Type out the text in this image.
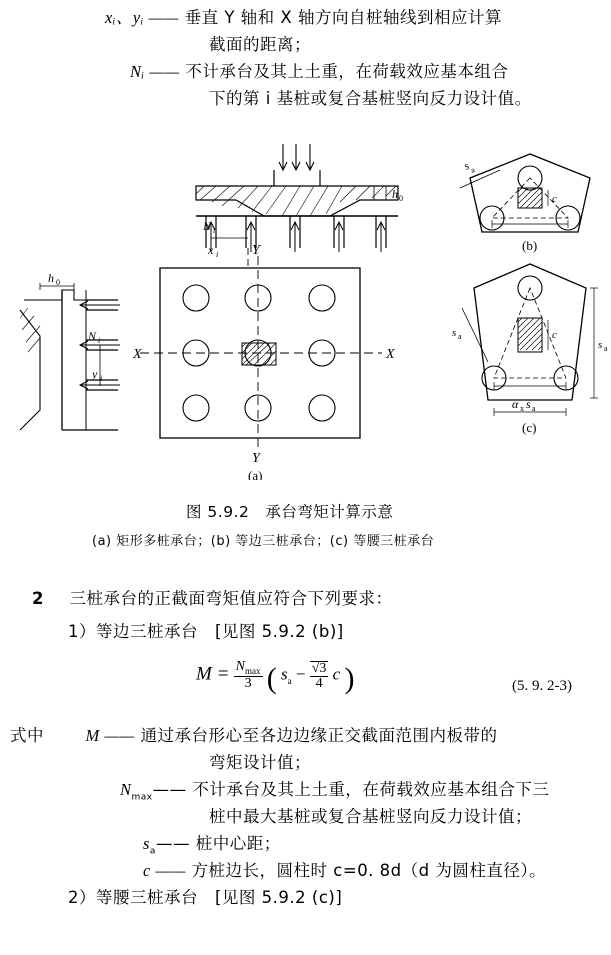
xᵢ、yᵢ —— 垂直 Y 轴和 X 轴方向自桩轴线到相应计算
截面的距离；
Nᵢ —— 不计承台及其上土重，在荷载效应基本组合
下的第 i 基桩或复合基桩竖向反力设计值。
h 0
h 0
N i
x i
N i
y i
X	X
Y
Y
(a)
(b)
(c)
s
a
c
s a	c
α x s a
s a
图 5.9.2　承台弯矩计算示意
(a) 矩形多桩承台；(b) 等边三桩承台；(c) 等腰三桩承台
2 三桩承台的正截面弯矩值应符合下列要求：
1）等边三桩承台　[见图 5.9.2 (b)]
$M = \frac{N_{max}}{3}$ ( $s_a - \frac{√3}{4}$ c )	(5. 9. 2-3)
式中	M —— 通过承台形心至各边边缘正交截面范围内板带的
弯矩设计值；
$N_{max}——$ 不计承台及其上土重，在荷载效应基本组合下三
桩中最大基桩或复合基桩竖向反力设计值；
$s_a——$ 桩中心距；
c —— 方桩边长，圆柱时 c=0. 8d（d 为圆柱直径）。
2）等腰三桩承台　[见图 5.9.2 (c)]
